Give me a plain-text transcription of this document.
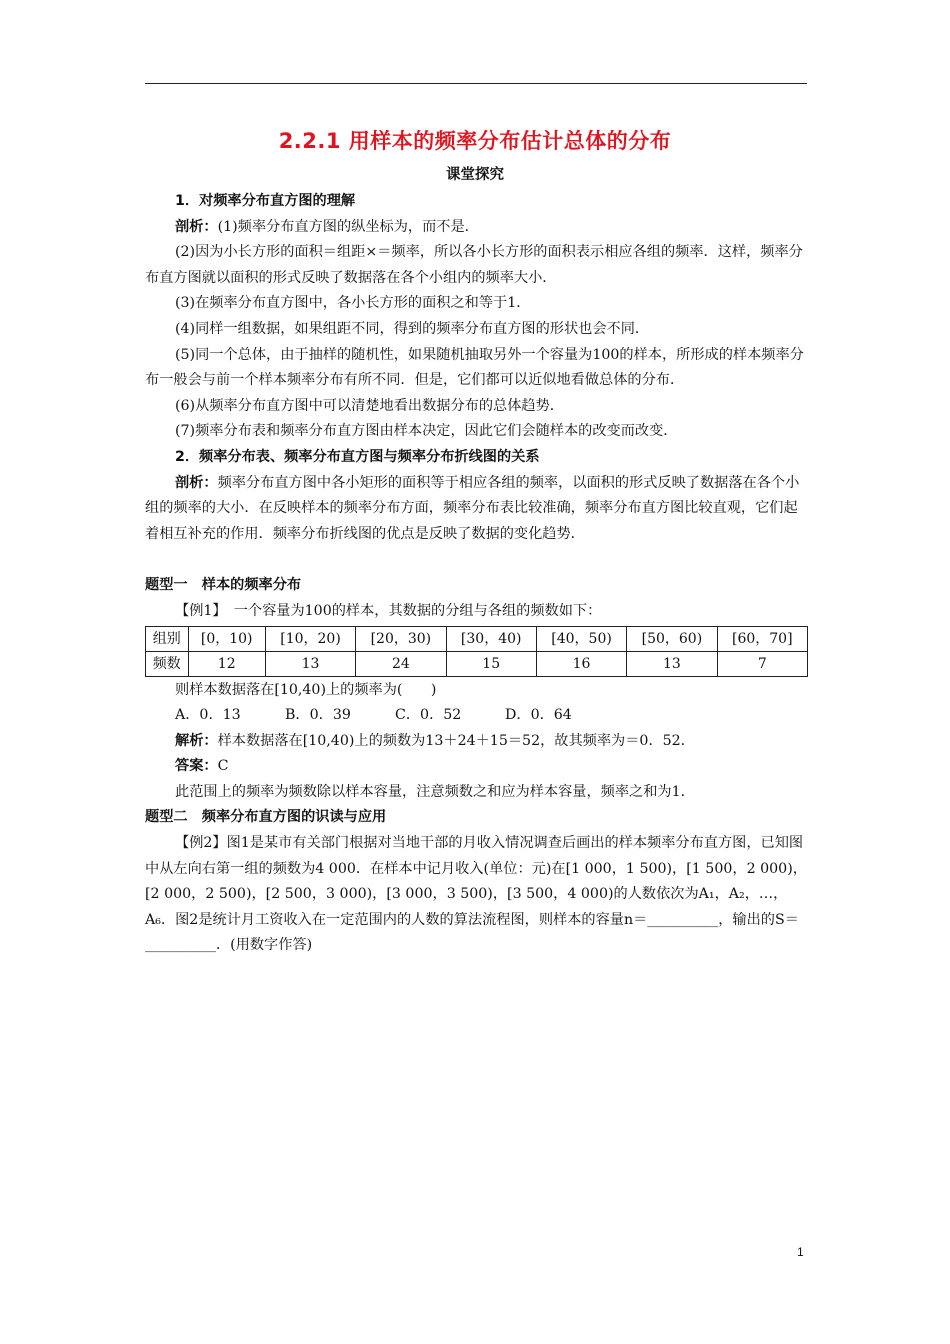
2.2.1 用样本的频率分布估计总体的分布
课堂探究

1．对频率分布直方图的理解

剖析：(1)频率分布直方图的纵坐标为，而不是．

(2)因为小长方形的面积＝组距×＝频率，所以各小长方形的面积表示相应各组的频率．这样，频率分布直方图就以面积的形式反映了数据落在各个小组内的频率大小．

(3)在频率分布直方图中，各小长方形的面积之和等于1．

(4)同样一组数据，如果组距不同，得到的频率分布直方图的形状也会不同．

(5)同一个总体，由于抽样的随机性，如果随机抽取另外一个容量为100的样本，所形成的样本频率分布一般会与前一个样本频率分布有所不同．但是，它们都可以近似地看做总体的分布．

(6)从频率分布直方图中可以清楚地看出数据分布的总体趋势．

(7)频率分布表和频率分布直方图由样本决定，因此它们会随样本的改变而改变．

2．频率分布表、频率分布直方图与频率分布折线图的关系

剖析：频率分布直方图中各小矩形的面积等于相应各组的频率，以面积的形式反映了数据落在各个小组的频率的大小．在反映样本的频率分布方面，频率分布表比较准确，频率分布直方图比较直观，它们起着相互补充的作用．频率分布折线图的优点是反映了数据的变化趋势．

题型一　样本的频率分布

【例1】　 一个容量为100的样本，其数据的分组与各组的频数如下：

组别	[0，10)	[10，20)	[20，30)	[30，40)	[40，50)	[50，60)	[60，70]
频数	12	13	24	15	16	13	7

则样本数据落在[10,40)上的频率为(　　)

A．0．13	B．0．39	C．0．52	D．0．64

解析：样本数据落在[10,40)上的频数为13＋24＋15＝52，故其频率为＝0．52．

答案：C

此范围上的频率为频数除以样本容量，注意频数之和应为样本容量，频率之和为1．

题型二　频率分布直方图的识读与应用

【例2】图1是某市有关部门根据对当地干部的月收入情况调查后画出的样本频率分布直方图，已知图中从左向右第一组的频数为4 000．在样本中记月收入(单位：元)在[1 000，1 500)，[1 500，2 000)，[2 000，2 500)，[2 500，3 000)，[3 000，3 500)，[3 500，4 000)的人数依次为A₁，A₂，…，A₆．图2是统计月工资收入在一定范围内的人数的算法流程图，则样本的容量n＝__________，输出的S＝__________．(用数字作答)

1
